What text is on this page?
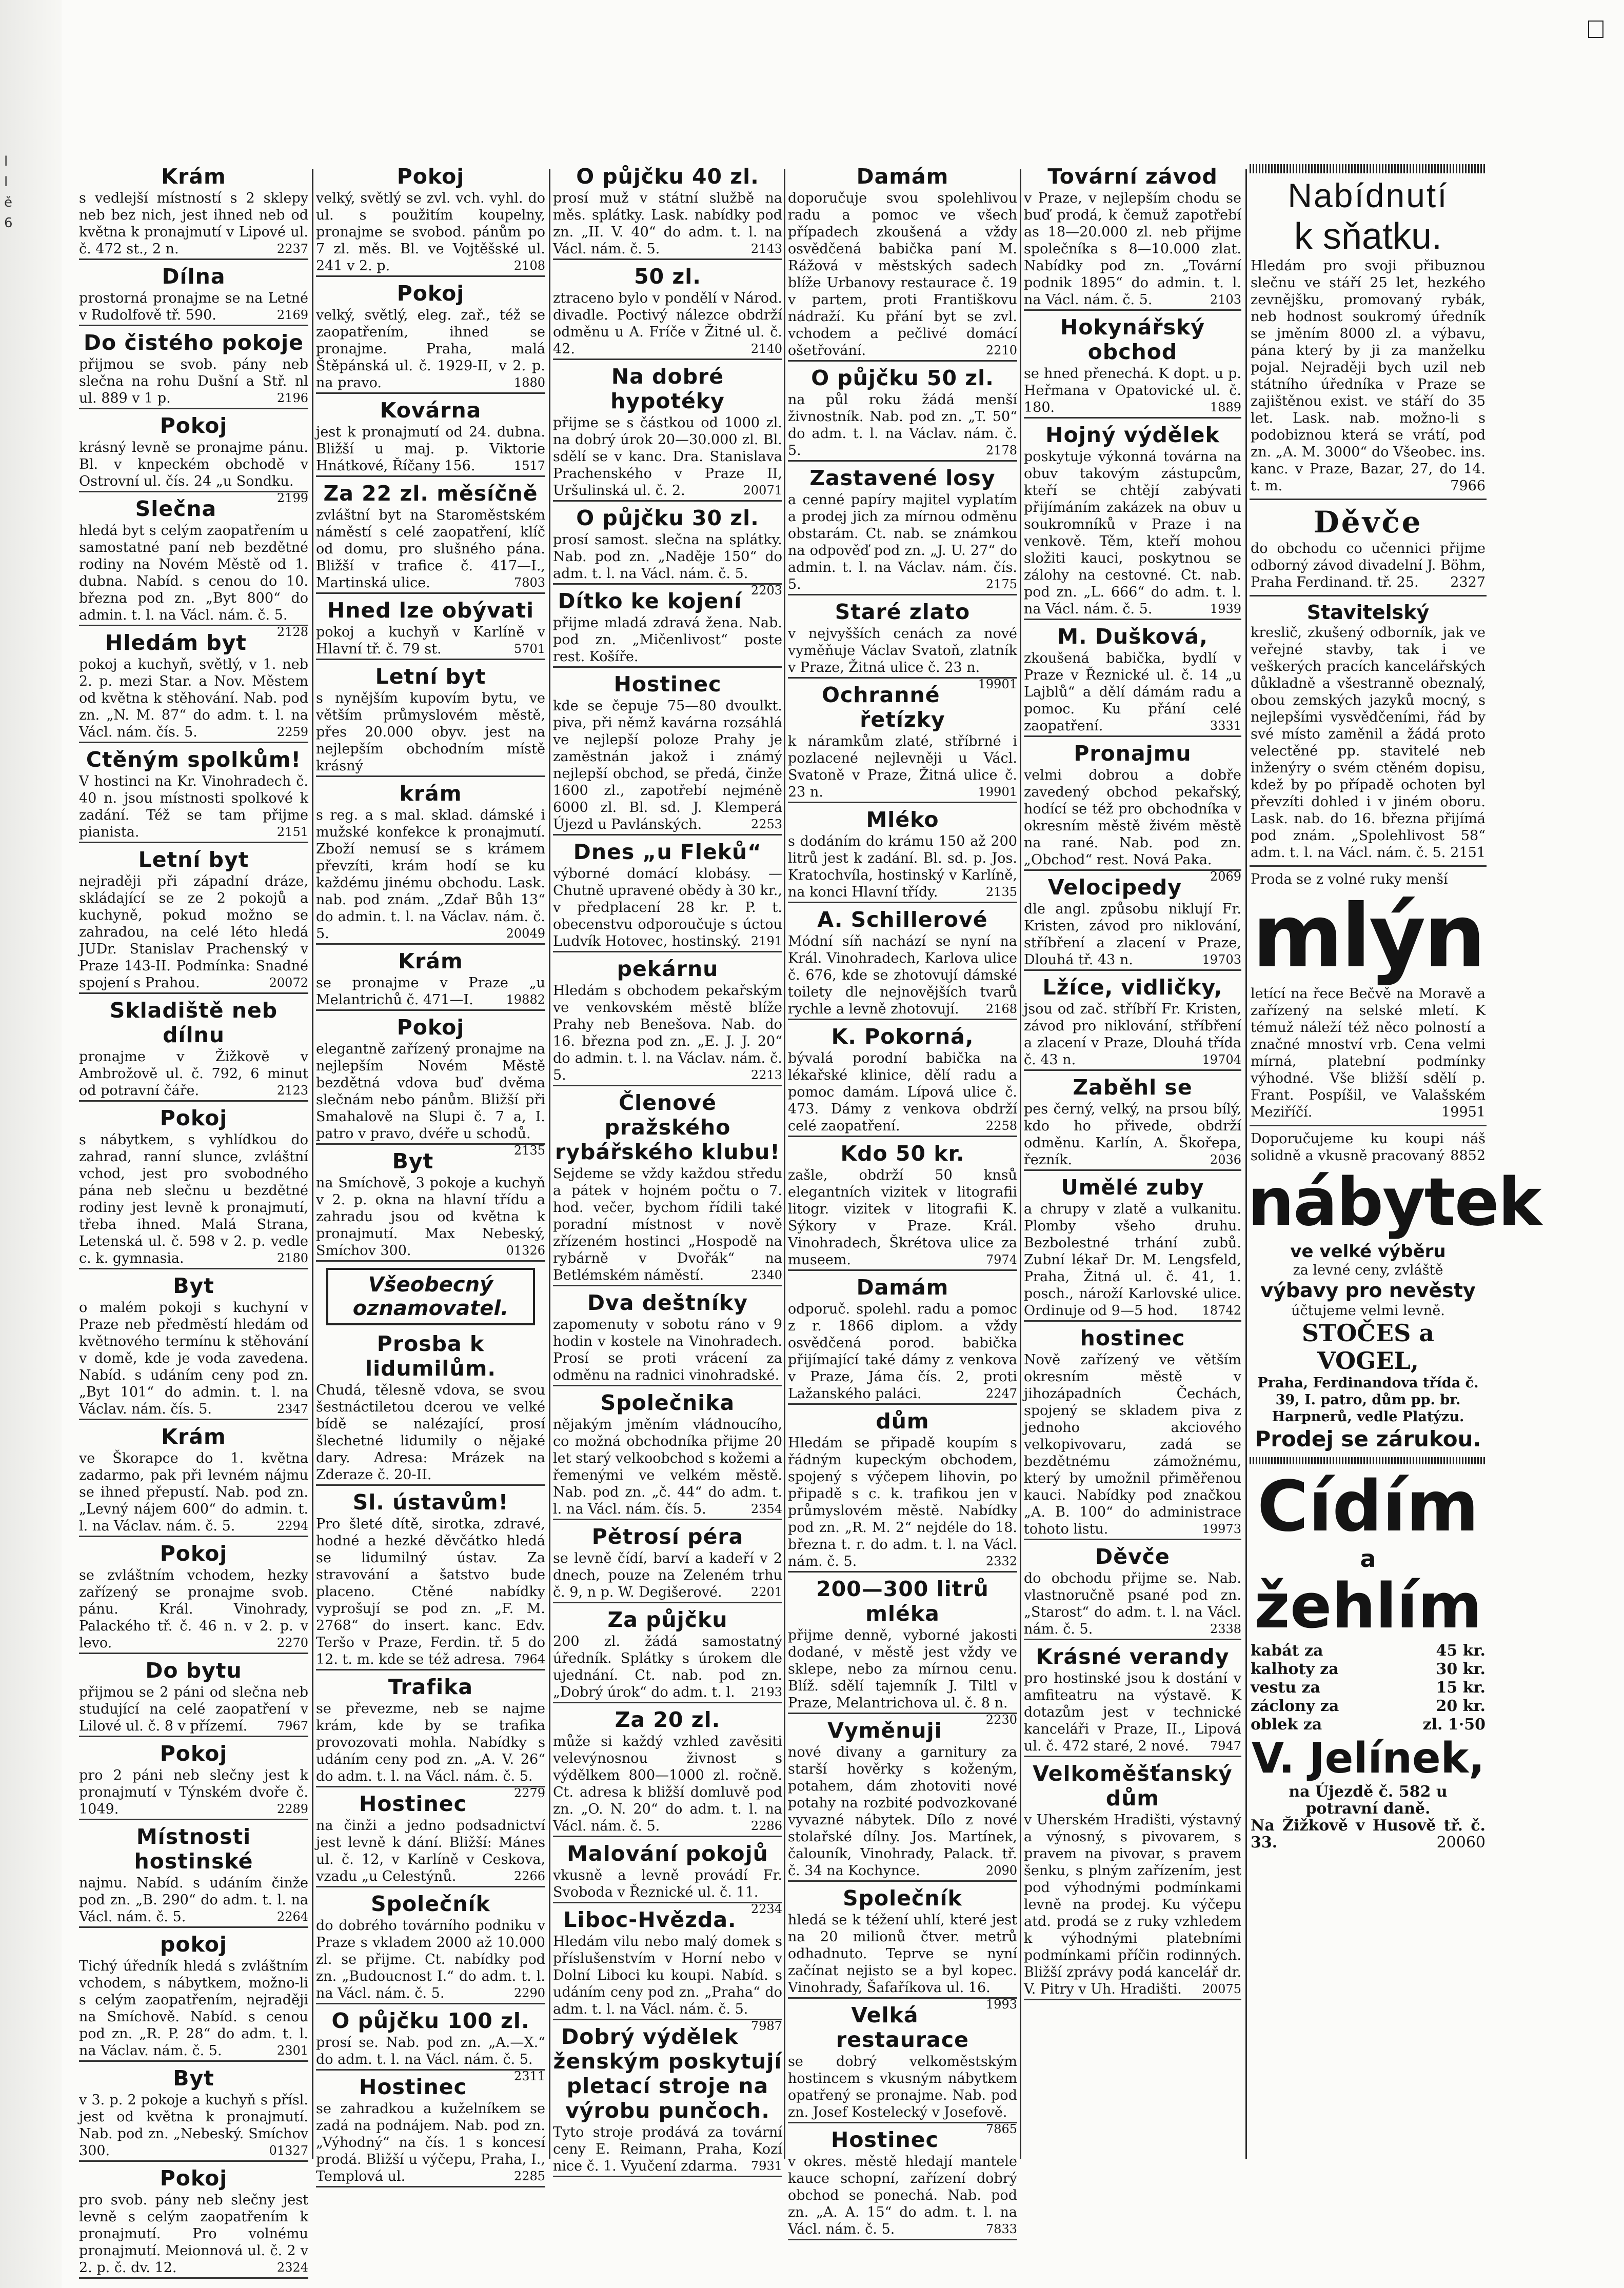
l
l
ě
6
Krám
s vedlejší místností s 2 sklepy neb bez nich, jest ihned neb od května k pronajmutí v Lipové ul. č. 472 st., 2 n.	2237
Dílna
prostorná pronajme se na Letné v Rudolfově tř. 590.	2169
Do čistého pokoje
přijmou se svob. pány neb slečna na rohu Dušní a Stř. nl ul. 889 v 1 p.	2196
Pokoj
krásný levně se pronajme pánu. Bl. v knpeckém obchodě v Ostrovní ul. čís. 24 „u Sondku.
2199
Slečna
hledá byt s celým zaopatřením u samostatné paní neb bezdětné rodiny na Novém Městě od 1. dubna. Nabíd. s cenou do 10. března pod zn. „Byt 800“ do admin. t. l. na Václ. nám. č. 5.
2128
Hledám byt
pokoj a kuchyň, světlý, v 1. neb 2. p. mezi Star. a Nov. Městem od května k stěhování. Nab. pod zn. „N. M. 87“ do adm. t. l. na Václ. nám. čís. 5.	2259
Ctěným spolkům!
V hostinci na Kr. Vinohradech č. 40 n. jsou místnosti spolkové k zadání. Též se tam přijme pianista.	2151
Letní byt
nejraději při západní dráze, skládající se ze 2 pokojů a kuchyně, pokud možno se zahradou, na celé léto hledá JUDr. Stanislav Prachenský v Praze 143-II. Podmínka: Snadné spojení s Prahou.	20072
Skladiště neb dílnu
pronajme v Žižkově v Ambrožově ul. č. 792, 6 minut od potravní čáře.	2123
Pokoj
s nábytkem, s vyhlídkou do zahrad, ranní slunce, zvláštní vchod, jest pro svobodného pána neb slečnu u bezdětné rodiny jest levně k pronajmutí, třeba ihned. Malá Strana, Letenská ul. č. 598 v 2. p. vedle c. k. gymnasia.	2180
Byt
o malém pokoji s kuchyní v Praze neb předměstí hledám od květnového termínu k stěhování v domě, kde je voda zavedena. Nabíd. s udáním ceny pod zn. „Byt 101“ do admin. t. l. na Václav. nám. čís. 5.	2347
Krám
ve Škorapce do 1. května zadarmo, pak při levném nájmu se ihned přepustí. Nab. pod zn. „Levný nájem 600“ do admin. t. l. na Václav. nám. č. 5.	2294
Pokoj
se zvláštním vchodem, hezky zařízený se pronajme svob. pánu. Král. Vinohrady, Palackého tř. č. 46 n. v 2. p. v levo.	2270
Do bytu
přijmou se 2 páni od slečna neb studující na celé zaopatření v Lilové ul. č. 8 v přízemí. 7967
Pokoj
pro 2 páni neb slečny jest k pronajmutí v Týnském dvoře č. 1049.	2289
Místnosti hostinské
najmu. Nabíd. s udáním činže pod zn. „B. 290“ do adm. t. l. na Václ. nám. č. 5.	2264
pokoj
Tichý úředník hledá s zvláštním vchodem, s nábytkem, možno-li s celým zaopatřením, nejraději na Smíchově. Nabíd. s cenou pod zn. „R. P. 28“ do adm. t. l. na Václav. nám. č. 5.	2301
Byt
v 3. p. 2 pokoje a kuchyň s přísl. jest od května k pronajmutí. Nab. pod zn. „Nebeský. Smíchov 300.	01327
Pokoj
pro svob. pány neb slečny jest levně s celým zaopatřením k pronajmutí. Pro volnému pronajmutí. Meionnová ul. č. 2 v 2. p. č. dv. 12.	2324
Pokoj
velký, světlý se zvl. vch. vyhl. do ul. s použitím koupelny, pronajme se svobod. pánům po 7 zl. měs. Bl. ve Vojtěšské ul. 241 v 2. p.	2108
Pokoj
velký, světlý, eleg. zař., též se zaopatřením, ihned se pronajme. Praha, malá Štěpánská ul. č. 1929-II, v 2. p. na pravo.	1880
Kovárna
jest k pronajmutí od 24. dubna. Bližší u maj. p. Viktorie Hnátkové, Říčany 156.	1517
Za 22 zl. měsíčně
zvláštní byt na Staroměstském náměstí s celé zaopatření, klíč od domu, pro slušného pána. Bližší v trafice č. 417—I., Martinská ulice.	7803
Hned lze obývati
pokoj a kuchyň v Karlíně v Hlavní tř. č. 79 st.	5701
Letní byt
s nynějším kupovím bytu, ve větším průmyslovém městě, přes 20.000 obyv. jest na nejlepším obchodním místě krásný
krám
s reg. a s mal. sklad. dámské i mužské konfekce k pronajmutí. Zboží nemusí se s krámem převzíti, krám hodí se ku každému jinému obchodu. Lask. nab. pod znám. „Zdař Bůh 13“ do admin. t. l. na Václav. nám. č. 5.	20049
Krám
se pronajme v Praze „u Melantrichů č. 471—I.	19882
Pokoj
elegantně zařízený pronajme na nejlepším Novém Městě bezdětná vdova buď dvěma slečnám nebo pánům. Bližší při Smahalově na Slupi č. 7 a, I. patro v pravo, dvéře u schodů.
2135
Byt
na Smíchově, 3 pokoje a kuchyň v 2. p. okna na hlavní třídu a zahradu jsou od května k pronajmutí. Max Nebeský, Smíchov 300.	01326
Všeobecný oznamovatel.
Prosba k lidumilům.
Chudá, tělesně vdova, se svou šestnáctiletou dcerou ve velké bídě se nalézající, prosí šlechetné lidumily o nějaké dary. Adresa: Mrázek na Zderaze č. 20-II.
Sl. ústavům!
Pro šleté dítě, sirotka, zdravé, hodné a hezké děvčátko hledá se lidumilný ústav. Za stravování a šatstvo bude placeno. Ctěné nabídky vyprošují se pod zn. „F. M. 2768“ do insert. kanc. Edv. Teršo v Praze, Ferdin. tř. 5 do 12. t. m. kde se též adresa. 7964
Trafika
se převezme, neb se najme krám, kde by se trafika provozovati mohla. Nabídky s udáním ceny pod zn. „A. V. 26“ do adm. t. l. na Václ. nám. č. 5.
2279
Hostinec
na činži a jedno podsadnictví jest levně k dání. Bližší: Mánes ul. č. 12, v Karlíně v Ceskova, vzadu „u Celestýnů.	2266
Společník
do dobrého továrního podniku v Praze s vkladem 2000 až 10.000 zl. se přijme. Ct. nabídky pod zn. „Budoucnost I.“ do adm. t. l. na Václ. nám. č. 5.	2290
O půjčku 100 zl.
prosí se. Nab. pod zn. „A.—X.“ do adm. t. l. na Václ. nám. č. 5.
2311
Hostinec
se zahradkou a kuželníkem se zadá na podnájem. Nab. pod zn. „Výhodný“ na čís. 1 s koncesí prodá. Bližší u výčepu, Praha, I., Templová ul.	2285
O půjčku 40 zl.
prosí muž v státní službě na měs. splátky. Lask. nabídky pod zn. „II. V. 40“ do adm. t. l. na Václ. nám. č. 5.	2143
50 zl.
ztraceno bylo v pondělí v Národ. divadle. Poctivý nálezce obdrží odměnu u A. Fríče v Žitné ul. č. 42.	2140
Na dobré hypotéky
přijme se s částkou od 1000 zl. na dobrý úrok 20—30.000 zl. Bl. sdělí se v kanc. Dra. Stanislava Prachenského v Praze II, Uršulinská ul. č. 2.	20071
O půjčku 30 zl.
prosí samost. slečna na splátky. Nab. pod zn. „Naděje 150“ do adm. t. l. na Václ. nám. č. 5.
2203
Dítko ke kojení
přijme mladá zdravá žena. Nab. pod zn. „Mičenlivost“ poste rest. Košíře.
Hostinec
kde se čepuje 75—80 dvoulkt. piva, při němž kavárna rozsáhlá ve nejlepší poloze Prahy je zaměstnán jakož i známý nejlepší obchod, se předá, činže 1600 zl., zapotřebí nejméně 6000 zl. Bl. sd. J. Klemperá Újezd u Pavlánských.	2253
Dnes „u Fleků“
výborné domácí klobásy. — Chutně upravené obědy à 30 kr., v předplacení 28 kr. P. t. obecenstvu odporoučuje s úctou Ludvík Hotovec, hostinský. 2191
pekárnu
Hledám s obchodem pekařským ve venkovském městě blíže Prahy neb Benešova. Nab. do 16. března pod zn. „E. J. J. 20“ do admin. t. l. na Václav. nám. č. 5.	2213
Členové pražského rybářského klubu!
Sejdeme se vždy každou středu a pátek v hojném počtu o 7. hod. večer, bychom řídili také poradní místnost v nově zřízeném hostinci „Hospodě na rybárně v Dvořák“ na Betlémském náměstí.	2340
Dva deštníky
zapomenuty v sobotu ráno v 9 hodin v kostele na Vinohradech. Prosí se proti vrácení za odměnu na radnici vinohradské.
Společnika
nějakým jměním vládnoucího, co možná obchodníka přijme 20 let starý velkoobchod s kožemi a řemenými ve velkém městě. Nab. pod zn. „č. 44“ do adm. t. l. na Václ. nám. čís. 5.	2354
Pětrosí péra
se levně čídí, barví a kadeří v 2 dnech, pouze na Zeleném trhu č. 9, n p. W. Degišerové. 2201
Za půjčku
200 zl. žádá samostatný úředník. Splátky s úrokem dle ujednání. Ct. nab. pod zn. „Dobrý úrok“ do adm. t. l. 2193
Za 20 zl.
může si každý vzhled zavěsiti velevýnosnou živnost s výdělkem 800—1000 zl. ročně. Ct. adresa k bližší domluvě pod zn. „O. N. 20“ do adm. t. l. na Václ. nám. č. 5.	2286
Malování pokojů
vkusně a levně provádí Fr. Svoboda v Řeznické ul. č. 11.
2234
Liboc-Hvězda.
Hledám vilu nebo malý domek s příslušenstvím v Horní nebo v Dolní Liboci ku koupi. Nabíd. s udáním ceny pod zn. „Praha“ do adm. t. l. na Václ. nám. č. 5.
7987
Dobrý výdělek ženským poskytují pletací stroje na výrobu punčoch.
Tyto stroje prodává za tovární ceny E. Reimann, Praha, Kozí nice č. 1. Vyučení zdarma. 7931
Damám
doporučuje svou spolehlivou radu a pomoc ve všech případech zkoušená a vždy osvědčená babička paní M. Rážová v městských sadech blíže Urbanovy restaurace č. 19 v partem, proti Františkovu nádraží. Ku přání byt se zvl. vchodem a pečlivé domácí ošetřování.	2210
O půjčku 50 zl.
na půl roku žádá menší živnostník. Nab. pod zn. „T. 50“ do adm. t. l. na Václav. nám. č. 5.	2178
Zastavené losy
a cenné papíry majitel vyplatím a prodej jich za mírnou odměnu obstarám. Ct. nab. se známkou na odpověď pod zn. „J. U. 27“ do admin. t. l. na Václav. nám. čís. 5.	2175
Staré zlato
v nejvyšších cenách za nové vyměňuje Václav Svatoň, zlatník v Praze, Žitná ulice č. 23 n.
19901
Ochranné řetízky
k náramkům zlaté, stříbrné i pozlacené nejlevněji u Václ. Svatoně v Praze, Žitná ulice č. 23 n.	19901
Mléko
s dodáním do krámu 150 až 200 litrů jest k zadání. Bl. sd. p. Jos. Kratochvíla, hostinský v Karlíně, na konci Hlavní třídy.	2135
A. Schillerové
Módní síň nachází se nyní na Král. Vinohradech, Karlova ulice č. 676, kde se zhotovují dámské toilety dle nejnovějších tvarů rychle a levně zhotovují. 2168
K. Pokorná,
bývalá porodní babička na lékařské klinice, dělí radu a pomoc damám. Lípová ulice č. 473. Dámy z venkova obdrží celé zaopatření.	2258
Kdo 50 kr.
zašle, obdrží 50 knsů elegantních vizitek v litografii litogr. vizitek v litografii K. Sýkory v Praze. Král. Vinohradech, Škrétova ulice za museem.	7974
Damám
odporuč. spolehl. radu a pomoc z r. 1866 diplom. a vždy osvědčená porod. babička přijímající také dámy z venkova v Praze, Jáma čís. 2, proti Lažanského paláci.	2247
dům
Hledám se připadě koupím s řádným kupeckým obchodem, spojený s výčepem lihovin, po připadě s c. k. trafikou jen v průmyslovém městě. Nabídky pod zn. „R. M. 2“ nejdéle do 18. března t. r. do adm. t. l. na Václ. nám. č. 5.	2332
200—300 litrů mléka
přijme denně, vyborné jakosti dodané, v městě jest vždy ve sklepe, nebo za mírnou cenu. Blíž. sdělí tajemník J. Tiltl v Praze, Melantrichova ul. č. 8 n.
2230
Vyměnuji
nové divany a garnitury za starší hověrky s koženým, potahem, dám zhotoviti nové potahy na rozbité podvozkované vyvazné nábytek. Dílo z nové stolařské dílny. Jos. Martínek, čalouník, Vinohrady, Palack. tř. č. 34 na Kochynce.	2090
Společník
hledá se k téžení uhlí, které jest na 20 milionů čtver. metrů odhadnuto. Teprve se nyní začínat nejisto se a byl kopec. Vinohrady, Šafaříkova ul. 16.
1993
Velká restaurace
se dobrý velkoměstským hostincem s vkusným nábytkem opatřený se pronajme. Nab. pod zn. Josef Kostelecký v Josefově.
7865
Hostinec
v okres. městě hledají mantele kauce schopní, zařízení dobrý obchod se ponechá. Nab. pod zn. „A. A. 15“ do adm. t. l. na Václ. nám. č. 5.	7833
Tovární závod
v Praze, v nejlepším chodu se buď prodá, k čemuž zapotřebí as 18—20.000 zl. neb přijme společníka s 8—10.000 zlat. Nabídky pod zn. „Tovární podnik 1895“ do admin. t. l. na Václ. nám. č. 5.	2103
Hokynářský obchod
se hned přenechá. K dopt. u p. Heřmana v Opatovické ul. č. 180.	1889
Hojný výdělek
poskytuje výkonná továrna na obuv takovým zástupcům, kteří se chtějí zabývati přijímáním zakázek na obuv u soukromníků v Praze i na venkově. Těm, kteří mohou složiti kauci, poskytnou se zálohy na cestovné. Ct. nab. pod zn. „L. 666“ do adm. t. l. na Václ. nám. č. 5.	1939
M. Dušková,
zkoušená babička, bydlí v Praze v Řeznické ul. č. 14 „u Lajblů“ a dělí dámám radu a pomoc. Ku přání celé zaopatření.	3331
Pronajmu
velmi dobrou a dobře zavedený obchod pekařský, hodící se též pro obchodníka v okresním městě živém městě na rané. Nab. pod zn. „Obchod“ rest. Nová Paka.
2069
Velocipedy
dle angl. způsobu niklují Fr. Kristen, závod pro niklování, stříbření a zlacení v Praze, Dlouhá tř. 43 n.	19703
Lžíce, vidličky,
jsou od zač. stříbří Fr. Kristen, závod pro niklování, stříbření a zlacení v Praze, Dlouhá třída č. 43 n.	19704
Zaběhl se
pes černý, velký, na prsou bílý, kdo ho přivede, obdrží odměnu. Karlín, A. Škořepa, řezník.	2036
Umělé zuby
a chrupy v zlatě a vulkanitu. Plomby všeho druhu. Bezbolestné trhání zubů. Zubní lékař Dr. M. Lengsfeld, Praha, Žitná ul. č. 41, 1. posch., nároží Karlovské ulice. Ordinuje od 9—5 hod. 18742
hostinec
Nově zařízený ve větším okresním městě v jihozápadních Čechách, spojený se skladem piva z jednoho akciového velkopivovaru, zadá se bezdětnému zámožnému, který by umožnil přiměřenou kauci. Nabídky pod značkou „A. B. 100“ do administrace tohoto listu.	19973
Děvče
do obchodu přijme se. Nab. vlastnoručně psané pod zn. „Starost“ do adm. t. l. na Václ. nám. č. 5.	2338
Krásné verandy
pro hostinské jsou k dostání v amfiteatru na výstavě. K dotazům jest v technické kanceláři v Praze, II., Lipová ul. č. 472 staré, 2 nové. 7947
Velkoměšťanský dům
v Uherském Hradišti, výstavný a výnosný, s pivovarem, s pravem na pivovar, s pravem šenku, s plným zařízením, jest pod výhodnými podmínkami levně na prodej. Ku výčepu atd. prodá se z ruky vzhledem k výhodnými platebními podmínkami příčin rodinných. Bližší zprávy podá kancelář dr. V. Pitry v Uh. Hradišti. 20075
Nabídnutí
k sňatku.
Hledám pro svoji přibuznou slečnu ve stáří 25 let, hezkého zevnějšku, promovaný rybák, neb hodnost soukromý úředník se jměním 8000 zl. a výbavu, pána který by ji za manželku pojal. Nejraději bych uzil neb státního úředníka v Praze se zajištěnou exist. ve stáří do 35 let. Lask. nab. možno-li s podobiznou která se vrátí, pod zn. „A. M. 3000“ do Všeobec. ins. kanc. v Praze, Bazar, 27, do 14. t. m.	7966
Děvče
do obchodu co učennici přijme odborný závod divadelní J. Böhm, Praha Ferdinand. tř. 25. 2327
Stavitelský
kreslič, zkušený odborník, jak ve veřejné stavby, tak i ve veškerých pracích kancelářských důkladně a všestranně obeznalý, obou zemských jazyků mocný, s nejlepšími vysvědčeními, řád by své místo zaměnil a žádá proto velectěné pp. stavitelé neb inženýry o svém ctěném dopisu, kdež by po případě ochoten byl převzíti dohled i v jiném oboru. Lask. nab. do 16. března přijímá pod znám. „Spolehlivost 58“ adm. t. l. na Václ. nám. č. 5. 2151
Proda se z volné ruky menší
mlýn
letící na řece Bečvě na Moravě a zařízený na selské mletí. K témuž náleží též něco polností a značné mnoství vrb. Cena velmi mírná, platební podmínky výhodné. Vše bližší sdělí p. Frant. Pospíšil, ve Valašském Meziříčí.	19951
Doporučujeme ku koupi náš solidně a vkusně pracovaný 8852
nábytek
ve velké výběru
za levné ceny, zvláště
výbavy pro nevěsty
účtujeme velmi levně.
STOČES a VOGEL,
Praha, Ferdinandova třída č. 39, I. patro, dům pp. br. Harpnerů, vedle Platýzu.
Prodej se zárukou.
Cídím
a
žehlím
kabát za	45 kr.
kalhoty za	30 kr.
vestu za	15 kr.
záclony za	20 kr.
oblek za	zl. 1·50
V. Jelínek,
na Újezdě č. 582 u potravní daně.
Na Žižkově v Husově tř. č. 33.	20060
